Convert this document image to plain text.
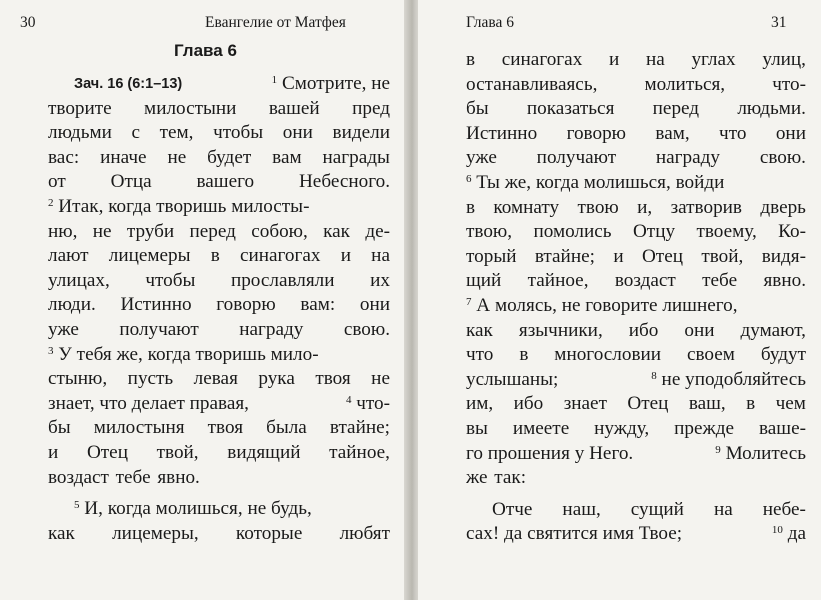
30	Евангелие от Матфея
Глава 6
Зач. 16 (6:1–13)	$^1$ Смотрите, не
творите милостыни вашей пред
людьми с тем, чтобы они видели
вас: иначе не будет вам награды
от Отца вашего Небесного.
$^2$ Итак, когда творишь милосты-
ню, не труби перед собою, как де-
лают лицемеры в синагогах и на
улицах, чтобы прославляли их
люди. Истинно говорю вам: они
уже получают награду свою.
$^3$ У тебя же, когда творишь мило-
стыню, пусть левая рука твоя не
знает, что делает правая,	$^4$ что-
бы милостыня твоя была втайне;
и Отец твой, видящий тайное,
воздаст тебе явно.
$^5$ И, когда молишься, не будь,
как лицемеры, которые любят
Глава 6	31
в синагогах и на углах улиц,
останавливаясь, молиться, что-
бы показаться перед людьми.
Истинно говорю вам, что они
уже получают награду свою.
$^6$ Ты же, когда молишься, войди
в комнату твою и, затворив дверь
твою, помолись Отцу твоему, Ко-
торый втайне; и Отец твой, видя-
щий тайное, воздаст тебе явно.
$^7$ А молясь, не говорите лишнего,
как язычники, ибо они думают,
что в многословии своем будут
услышаны;	$^8$ не уподобляйтесь
им, ибо знает Отец ваш, в чем
вы имеете нужду, прежде ваше-
го прошения у Него.	$^9$ Молитесь
же так:
Отче наш, сущий на небе-
сах! да святится имя Твое;	$^{10}$ да
